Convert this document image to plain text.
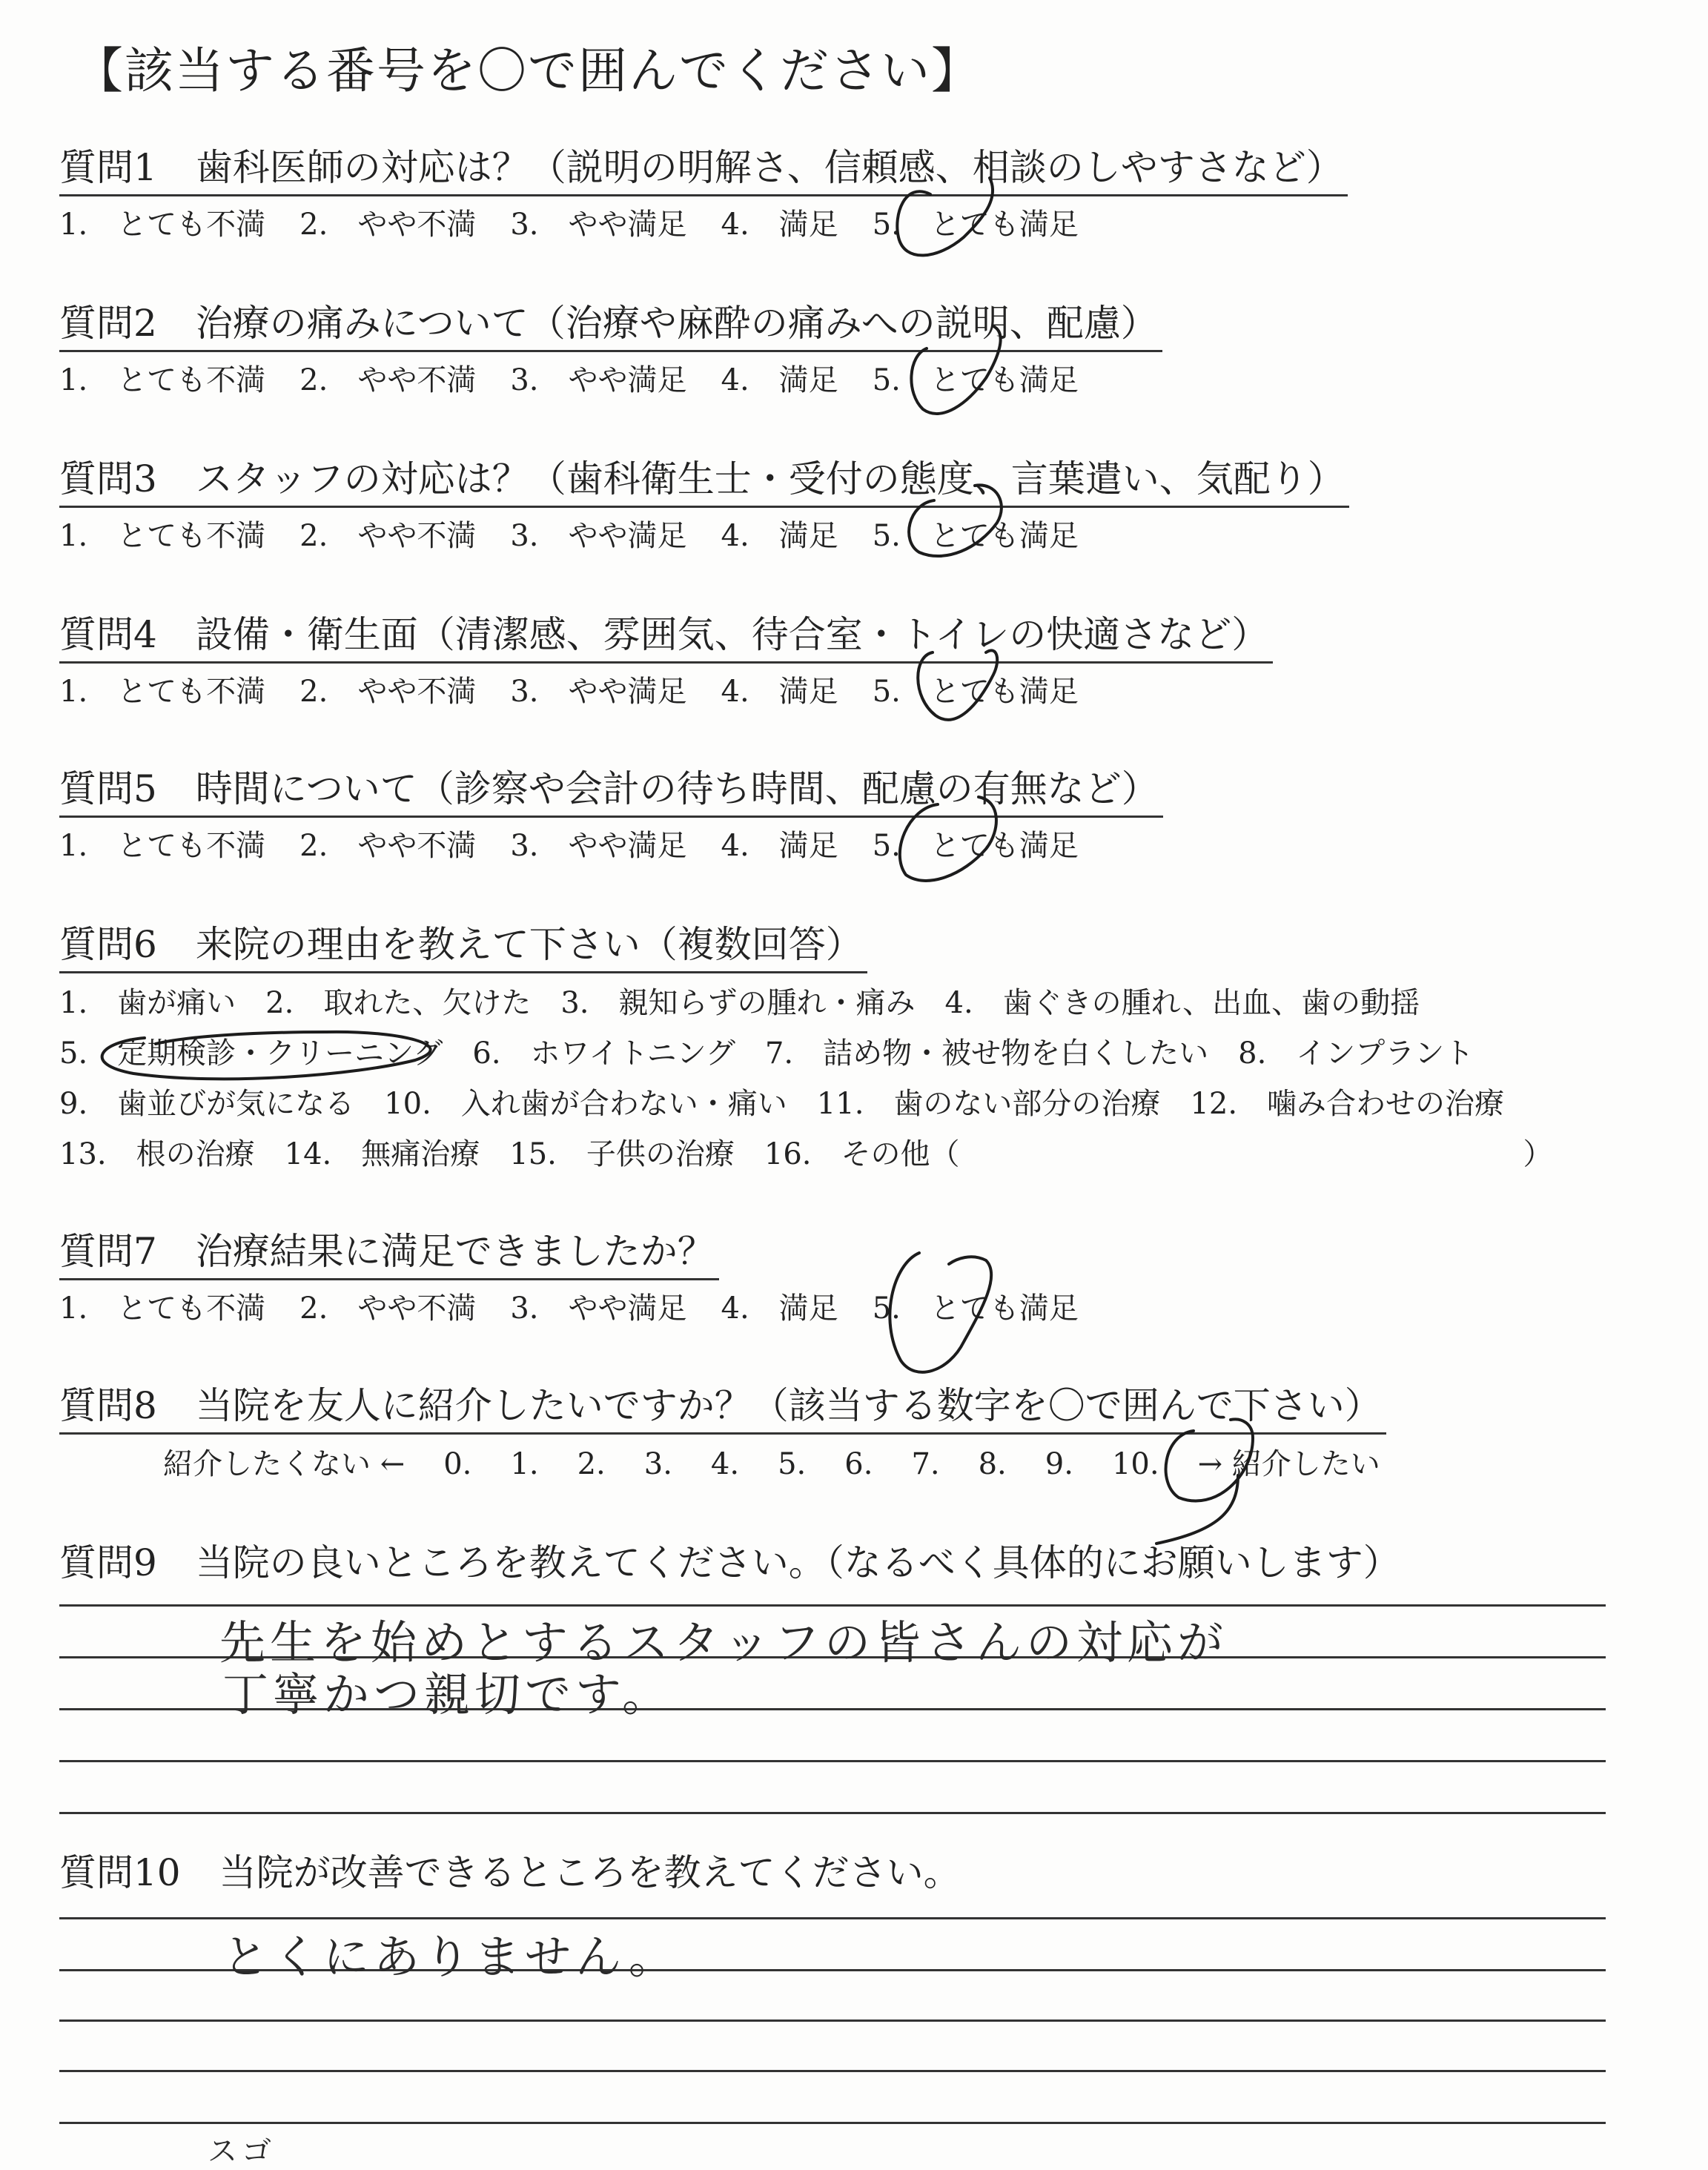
【該当する番号を〇で囲んでください】
質問1 歯科医師の対応は？（説明の明解さ、信頼感、相談のしやすさなど）
1.　とても不満 2.　やや不満 3.　やや満足 4.　満足 5.　とても満足
質問2 治療の痛みについて（治療や麻酔の痛みへの説明、配慮）
1.　とても不満 2.　やや不満 3.　やや満足 4.　満足 5.　とても満足
質問3 スタッフの対応は？（歯科衛生士・受付の態度、言葉遣い、気配り）
1.　とても不満 2.　やや不満 3.　やや満足 4.　満足 5.　とても満足
質問4 設備・衛生面（清潔感、雰囲気、待合室・トイレの快適さなど）
1.　とても不満 2.　やや不満 3.　やや満足 4.　満足 5.　とても満足
質問5 時間について（診察や会計の待ち時間、配慮の有無など）
1.　とても不満 2.　やや不満 3.　やや満足 4.　満足 5.　とても満足
質問6 来院の理由を教えて下さい（複数回答）
1.　歯が痛い 2.　取れた、欠けた 3.　親知らずの腫れ・痛み 4.　歯ぐきの腫れ、出血、歯の動揺
5.　定期検診・クリーニング 6.　ホワイトニング 7.　詰め物・被せ物を白くしたい 8.　インプラント
9.　歯並びが気になる 10.　入れ歯が合わない・痛い 11.　歯のない部分の治療 12.　噛み合わせの治療
13.　根の治療 14.　無痛治療 15.　子供の治療 16.　その他（	）
質問7 治療結果に満足できましたか？
1.　とても不満 2.　やや不満 3.　やや満足 4.　満足 5.　とても満足
質問8 当院を友人に紹介したいですか？（該当する数字を〇で囲んで下さい）
紹介したくない ← 0. 1. 2. 3. 4. 5. 6. 7. 8. 9. 10. → 紹介したい
質問9 当院の良いところを教えてください。（なるべく具体的にお願いします）
先生を始めとするスタッフの皆さんの対応が
丁寧かつ親切です。
質問10 当院が改善できるところを教えてください。
とくにありません。
スゴ
